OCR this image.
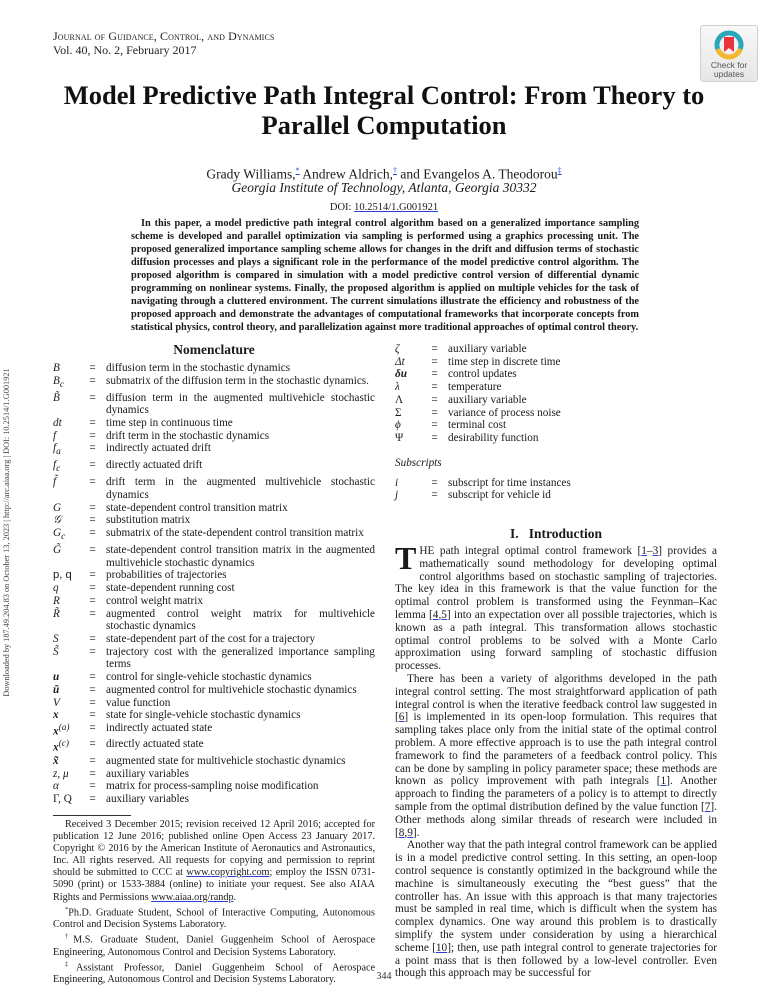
Journal of Guidance, Control, and Dynamics
Vol. 40, No. 2, February 2017
Check for
updates
Model Predictive Path Integral Control: From Theory to Parallel Computation
Grady Williams,* Andrew Aldrich,† and Evangelos A. Theodorou‡
Georgia Institute of Technology, Atlanta, Georgia 30332
DOI: 10.2514/1.G001921

In this paper, a model predictive path integral control algorithm based on a generalized importance sampling scheme is developed and parallel optimization via sampling is performed using a graphics processing unit. The proposed generalized importance sampling scheme allows for changes in the drift and diffusion terms of stochastic diffusion processes and plays a significant role in the performance of the model predictive control algorithm. The proposed algorithm is compared in simulation with a model predictive control version of differential dynamic programming on nonlinear systems. Finally, the proposed algorithm is applied on multiple vehicles for the task of navigating through a cluttered environment. The current simulations illustrate the efficiency and robustness of the proposed approach and demonstrate the advantages of computational frameworks that incorporate concepts from statistical physics, control theory, and parallelization against more traditional approaches of optimal control theory.

Downloaded by 187.49.204.83 on October 13, 2023 | http://arc.aiaa.org | DOI: 10.2514/1.G001921
Nomenclature
B	=	diffusion term in the stochastic dynamics
$B_c$	=	submatrix of the diffusion term in the stochastic dynamics.
B̃	=	diffusion term in the augmented multivehicle stochastic dynamics
dt	=	time step in continuous time
f	=	drift term in the stochastic dynamics
$f_a$	=	indirectly actuated drift
$f_c$	=	directly actuated drift
f̃	=	drift term in the augmented multivehicle stochastic dynamics
G	=	state-dependent control transition matrix
𝒢	=	substitution matrix
$G_c$	=	submatrix of the state-dependent control transition matrix
G̃	=	state-dependent control transition matrix in the augmented multivehicle stochastic dynamics
p, q	=	probabilities of trajectories
q	=	state-dependent running cost
R	=	control weight matrix
R̃	=	augmented control weight matrix for multivehicle stochastic dynamics
S	=	state-dependent part of the cost for a trajectory
S̃	=	trajectory cost with the generalized importance sampling terms
u	=	control for single-vehicle stochastic dynamics
ũ	=	augmented control for multivehicle stochastic dynamics
V	=	value function
x	=	state for single-vehicle stochastic dynamics
$x^{(a)}$	=	indirectly actuated state
$x^{(c)}$	=	directly actuated state
x̃	=	augmented state for multivehicle stochastic dynamics
z, μ	=	auxiliary variables
α	=	matrix for process-sampling noise modification
Γ, Q	=	auxiliary variables

Received 3 December 2015; revision received 12 April 2016; accepted for publication 12 June 2016; published online Open Access 23 January 2017. Copyright © 2016 by the American Institute of Aeronautics and Astronautics, Inc. All rights reserved. All requests for copying and permission to reprint should be submitted to CCC at www.copyright.com; employ the ISSN 0731-5090 (print) or 1533-3884 (online) to initiate your request. See also AIAA Rights and Permissions www.aiaa.org/randp.

*Ph.D. Graduate Student, School of Interactive Computing, Autonomous Control and Decision Systems Laboratory.

†M.S. Graduate Student, Daniel Guggenheim School of Aerospace Engineering, Autonomous Control and Decision Systems Laboratory.

‡Assistant Professor, Daniel Guggenheim School of Aerospace Engineering, Autonomous Control and Decision Systems Laboratory.

ζ	=	auxiliary variable
Δt	=	time step in discrete time
δu	=	control updates
λ	=	temperature
Λ	=	auxiliary variable
Σ	=	variance of process noise
ϕ	=	terminal cost
Ψ	=	desirability function
Subscripts
i	=	subscript for time instances
j	=	subscript for vehicle id
I.   Introduction

THE path integral optimal control framework [1–3] provides a mathematically sound methodology for developing optimal control algorithms based on stochastic sampling of trajectories. The key idea in this framework is that the value function for the optimal control problem is transformed using the Feynman–Kac lemma [4,5] into an expectation over all possible trajectories, which is known as a path integral. This transformation allows stochastic optimal control problems to be solved with a Monte Carlo approximation using forward sampling of stochastic diffusion processes.

There has been a variety of algorithms developed in the path integral control setting. The most straightforward application of path integral control is when the iterative feedback control law suggested in [6] is implemented in its open-loop formulation. This requires that sampling takes place only from the initial state of the optimal control problem. A more effective approach is to use the path integral control framework to find the parameters of a feedback control policy. This can be done by sampling in policy parameter space; these methods are known as policy improvement with path integrals [1]. Another approach to finding the parameters of a policy is to attempt to directly sample from the optimal distribution defined by the value function [7]. Other methods along similar threads of research were included in [8,9].

Another way that the path integral control framework can be applied is in a model predictive control setting. In this setting, an open-loop control sequence is constantly optimized in the background while the machine is simultaneously executing the “best guess” that the controller has. An issue with this approach is that many trajectories must be sampled in real time, which is difficult when the system has complex dynamics. One way around this problem is to drastically simplify the system under consideration by using a hierarchical scheme [10]; then, use path integral control to generate trajectories for a point mass that is then followed by a low-level controller. Even though this approach may be successful for

344
